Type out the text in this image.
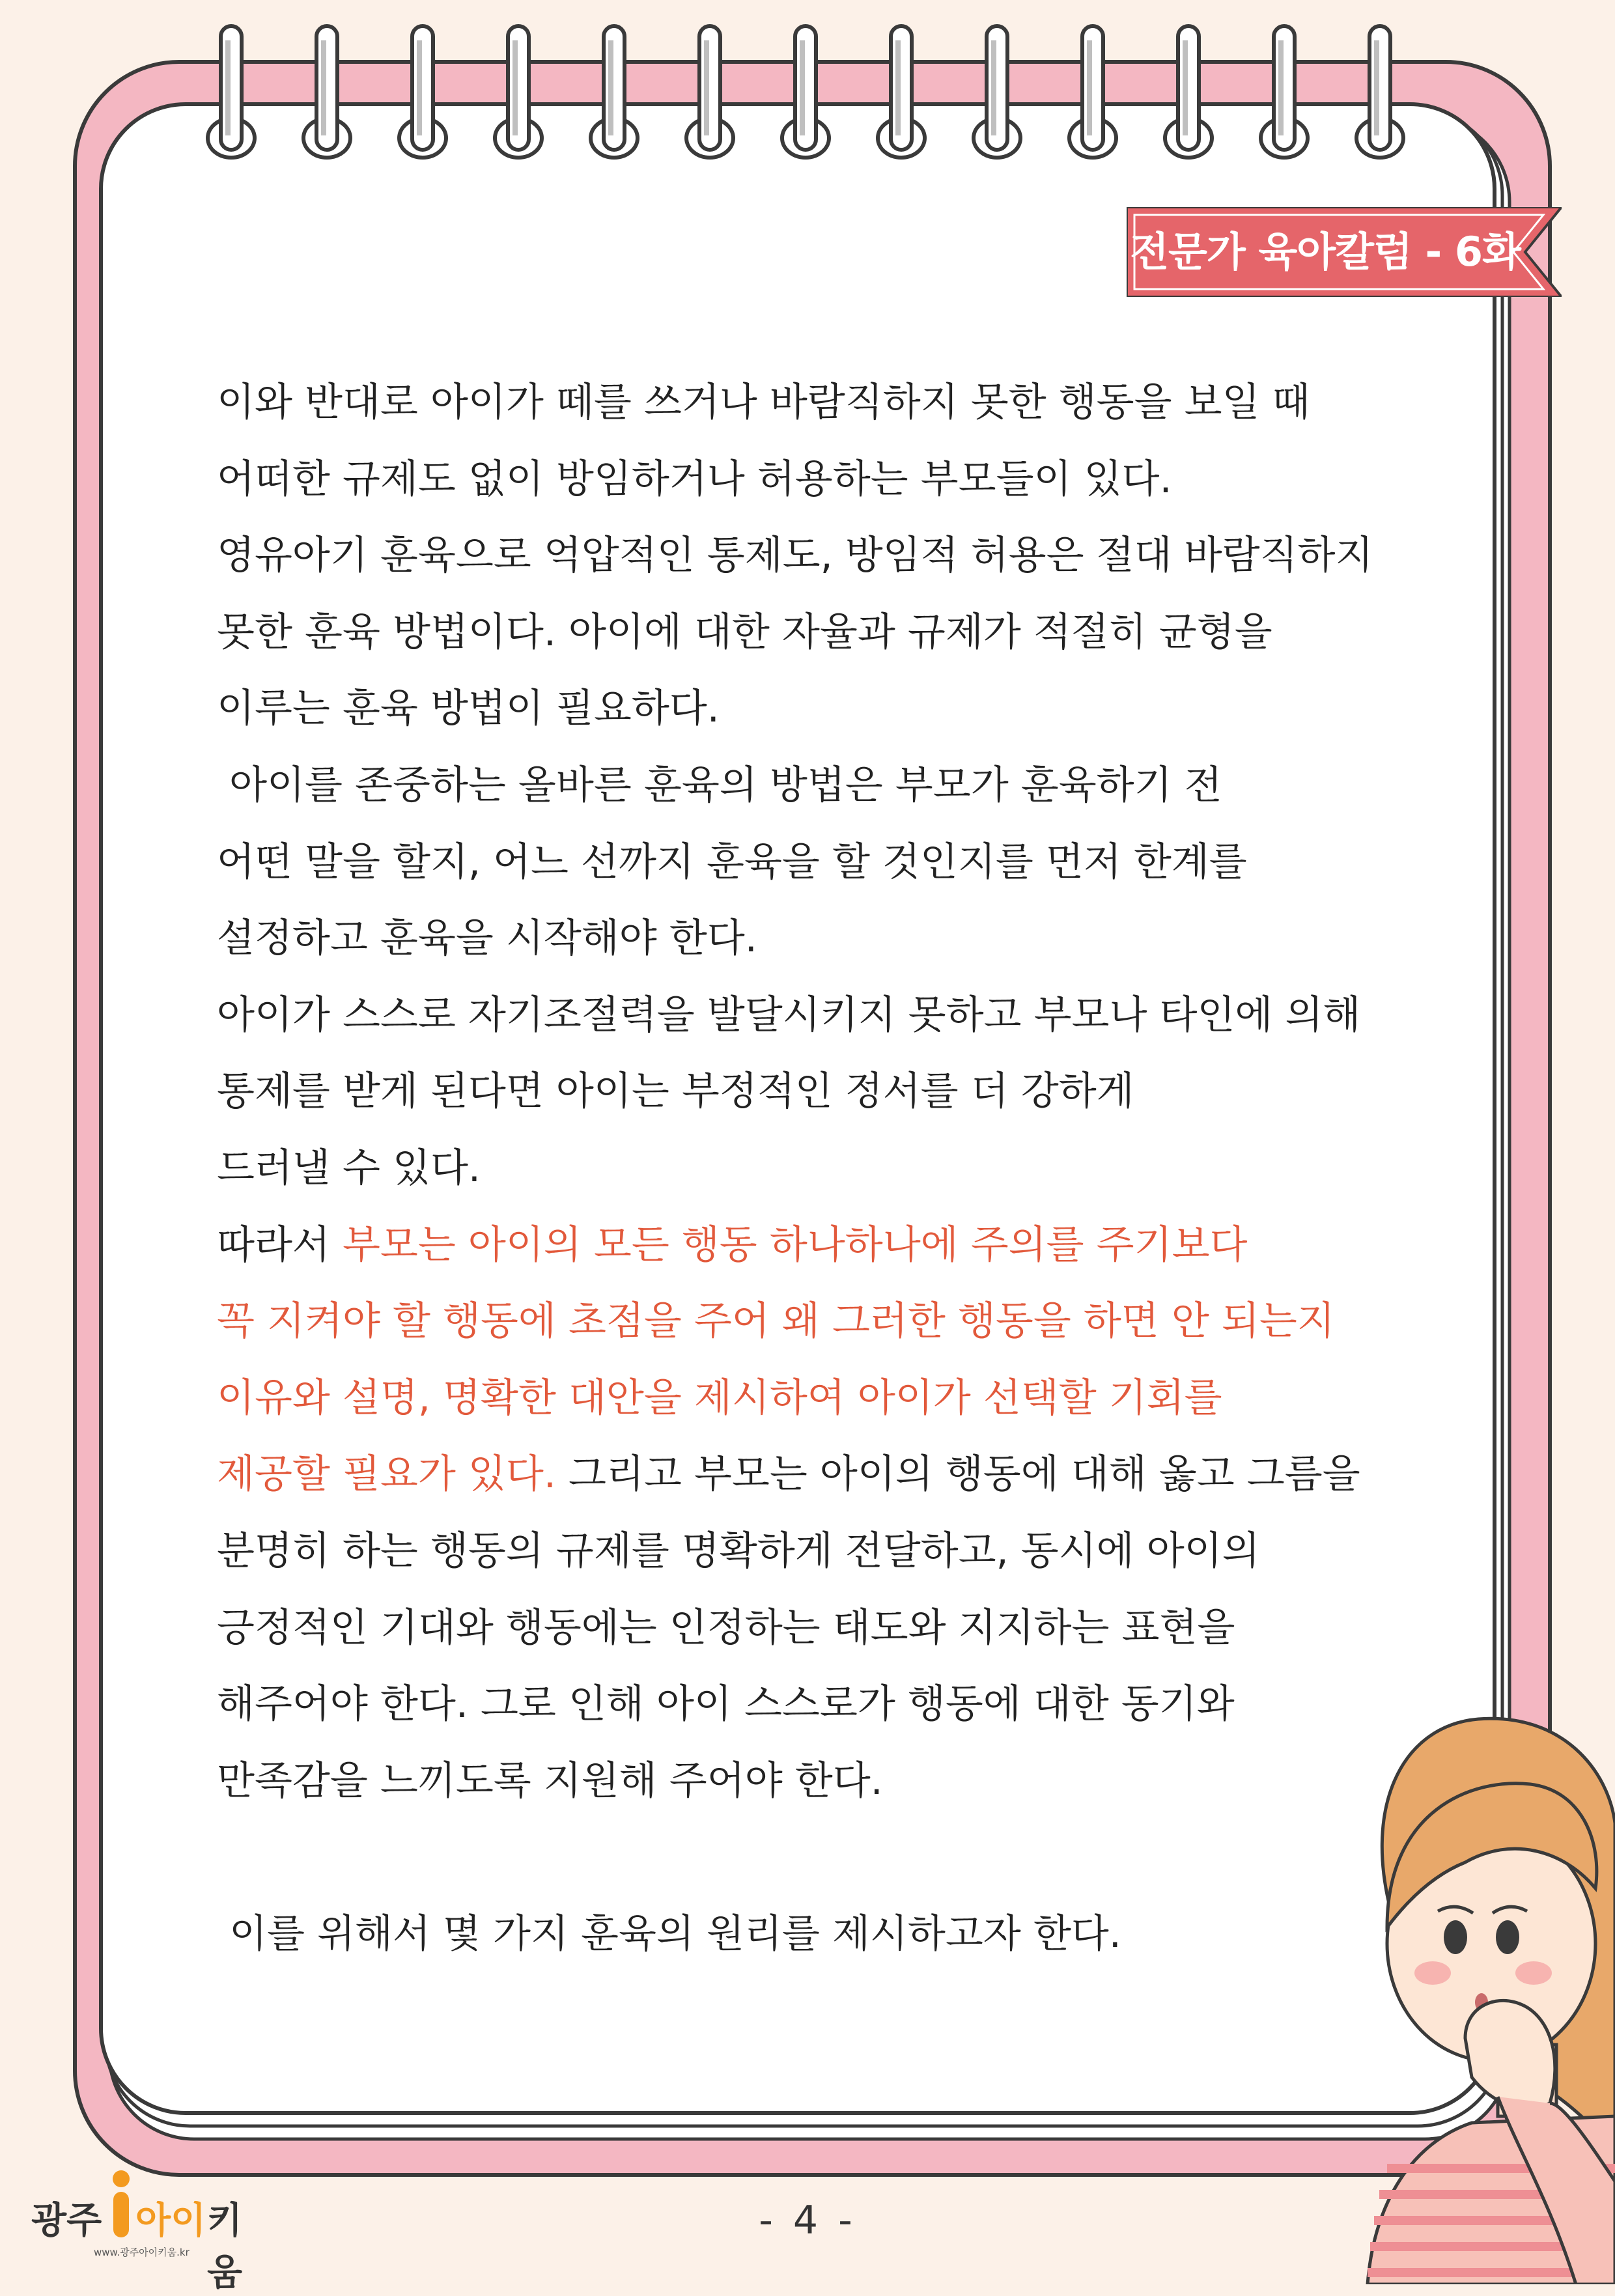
전문가 육아칼럼 - 6화

이와 반대로 아이가 떼를 쓰거나 바람직하지 못한 행동을 보일 때

어떠한 규제도 없이 방임하거나 허용하는 부모들이 있다.

영유아기 훈육으로 억압적인 통제도, 방임적 허용은 절대 바람직하지

못한 훈육 방법이다. 아이에 대한 자율과 규제가 적절히 균형을

이루는 훈육 방법이 필요하다.

아이를 존중하는 올바른 훈육의 방법은 부모가 훈육하기 전

어떤 말을 할지, 어느 선까지 훈육을 할 것인지를 먼저 한계를

설정하고 훈육을 시작해야 한다.

아이가 스스로 자기조절력을 발달시키지 못하고 부모나 타인에 의해

통제를 받게 된다면 아이는 부정적인 정서를 더 강하게

드러낼 수 있다.

따라서 부모는 아이의 모든 행동 하나하나에 주의를 주기보다

꼭 지켜야 할 행동에 초점을 주어 왜 그러한 행동을 하면 안 되는지

이유와 설명, 명확한 대안을 제시하여 아이가 선택할 기회를

제공할 필요가 있다. 그리고 부모는 아이의 행동에 대해 옳고 그름을

분명히 하는 행동의 규제를 명확하게 전달하고, 동시에 아이의

긍정적인 기대와 행동에는 인정하는 태도와 지지하는 표현을

해주어야 한다. 그로 인해 아이 스스로가 행동에 대한 동기와

만족감을 느끼도록 지원해 주어야 한다.

이를 위해서 몇 가지 훈육의 원리를 제시하고자 한다.

광주 아이 키움
www.광주아이키움.kr
- 4 -
